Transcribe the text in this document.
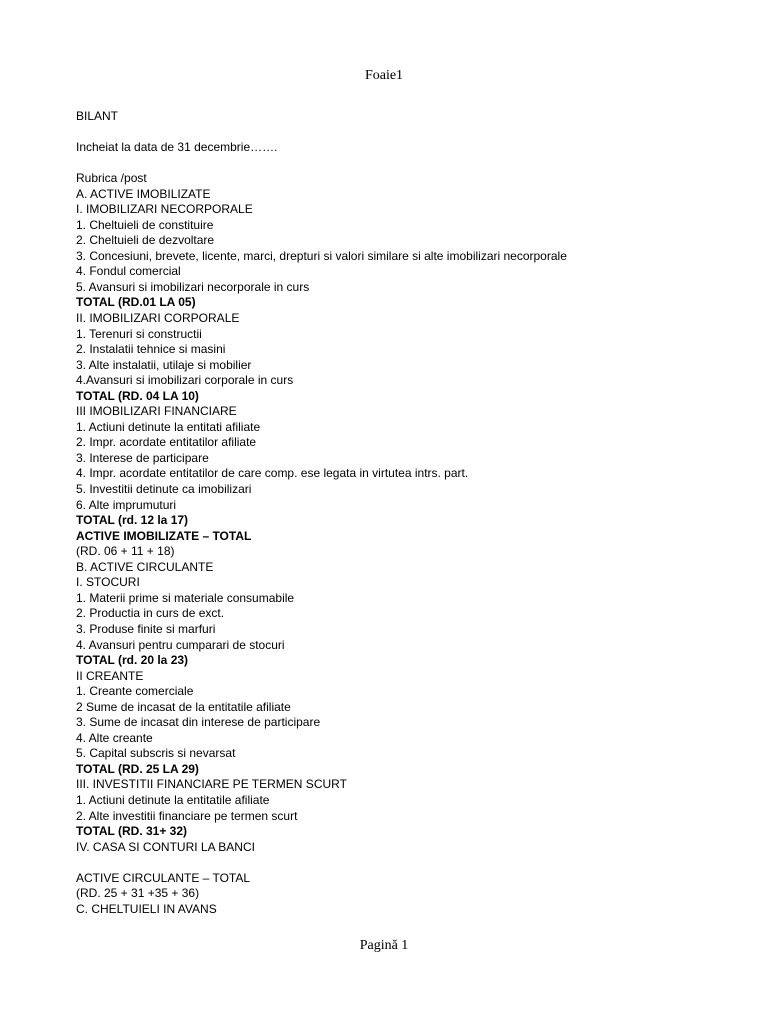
Foaie1
BILANT
Incheiat la data de 31 decembrie…….
Rubrica /post
A. ACTIVE IMOBILIZATE
I. IMOBILIZARI NECORPORALE
1. Cheltuieli de constituire
2. Cheltuieli de dezvoltare
3. Concesiuni, brevete, licente, marci, drepturi si valori similare si alte imobilizari necorporale
4. Fondul comercial
5. Avansuri si imobilizari necorporale in curs
TOTAL (RD.01 LA 05)
II. IMOBILIZARI CORPORALE
1. Terenuri si constructii
2. Instalatii tehnice si masini
3. Alte instalatii, utilaje si mobilier
4.Avansuri si imobilizari corporale in curs
TOTAL (RD. 04 LA 10)
III IMOBILIZARI FINANCIARE
1. Actiuni detinute la entitati afiliate
2. Impr. acordate entitatilor afiliate
3. Interese de participare
4. Impr. acordate entitatilor de care comp. ese legata in virtutea intrs. part.
5. Investitii detinute ca imobilizari
6. Alte imprumuturi
TOTAL (rd. 12 la 17)
ACTIVE IMOBILIZATE – TOTAL
(RD. 06 + 11 + 18)
B. ACTIVE CIRCULANTE
I. STOCURI
1. Materii prime si materiale consumabile
2. Productia in curs de exct.
3. Produse finite si marfuri
4. Avansuri pentru cumparari de stocuri
TOTAL (rd. 20 la 23)
II CREANTE
1. Creante comerciale
2 Sume de incasat de la entitatile afiliate
3. Sume de incasat din interese de participare
4. Alte creante
5. Capital subscris si nevarsat
TOTAL (RD. 25 LA 29)
III. INVESTITII FINANCIARE PE TERMEN SCURT
1. Actiuni detinute la entitatile afiliate
2. Alte investitii financiare pe termen scurt
TOTAL (RD. 31+ 32)
IV. CASA SI CONTURI LA BANCI
ACTIVE CIRCULANTE – TOTAL
(RD. 25 + 31 +35 + 36)
C. CHELTUIELI IN AVANS
Pagină 1
